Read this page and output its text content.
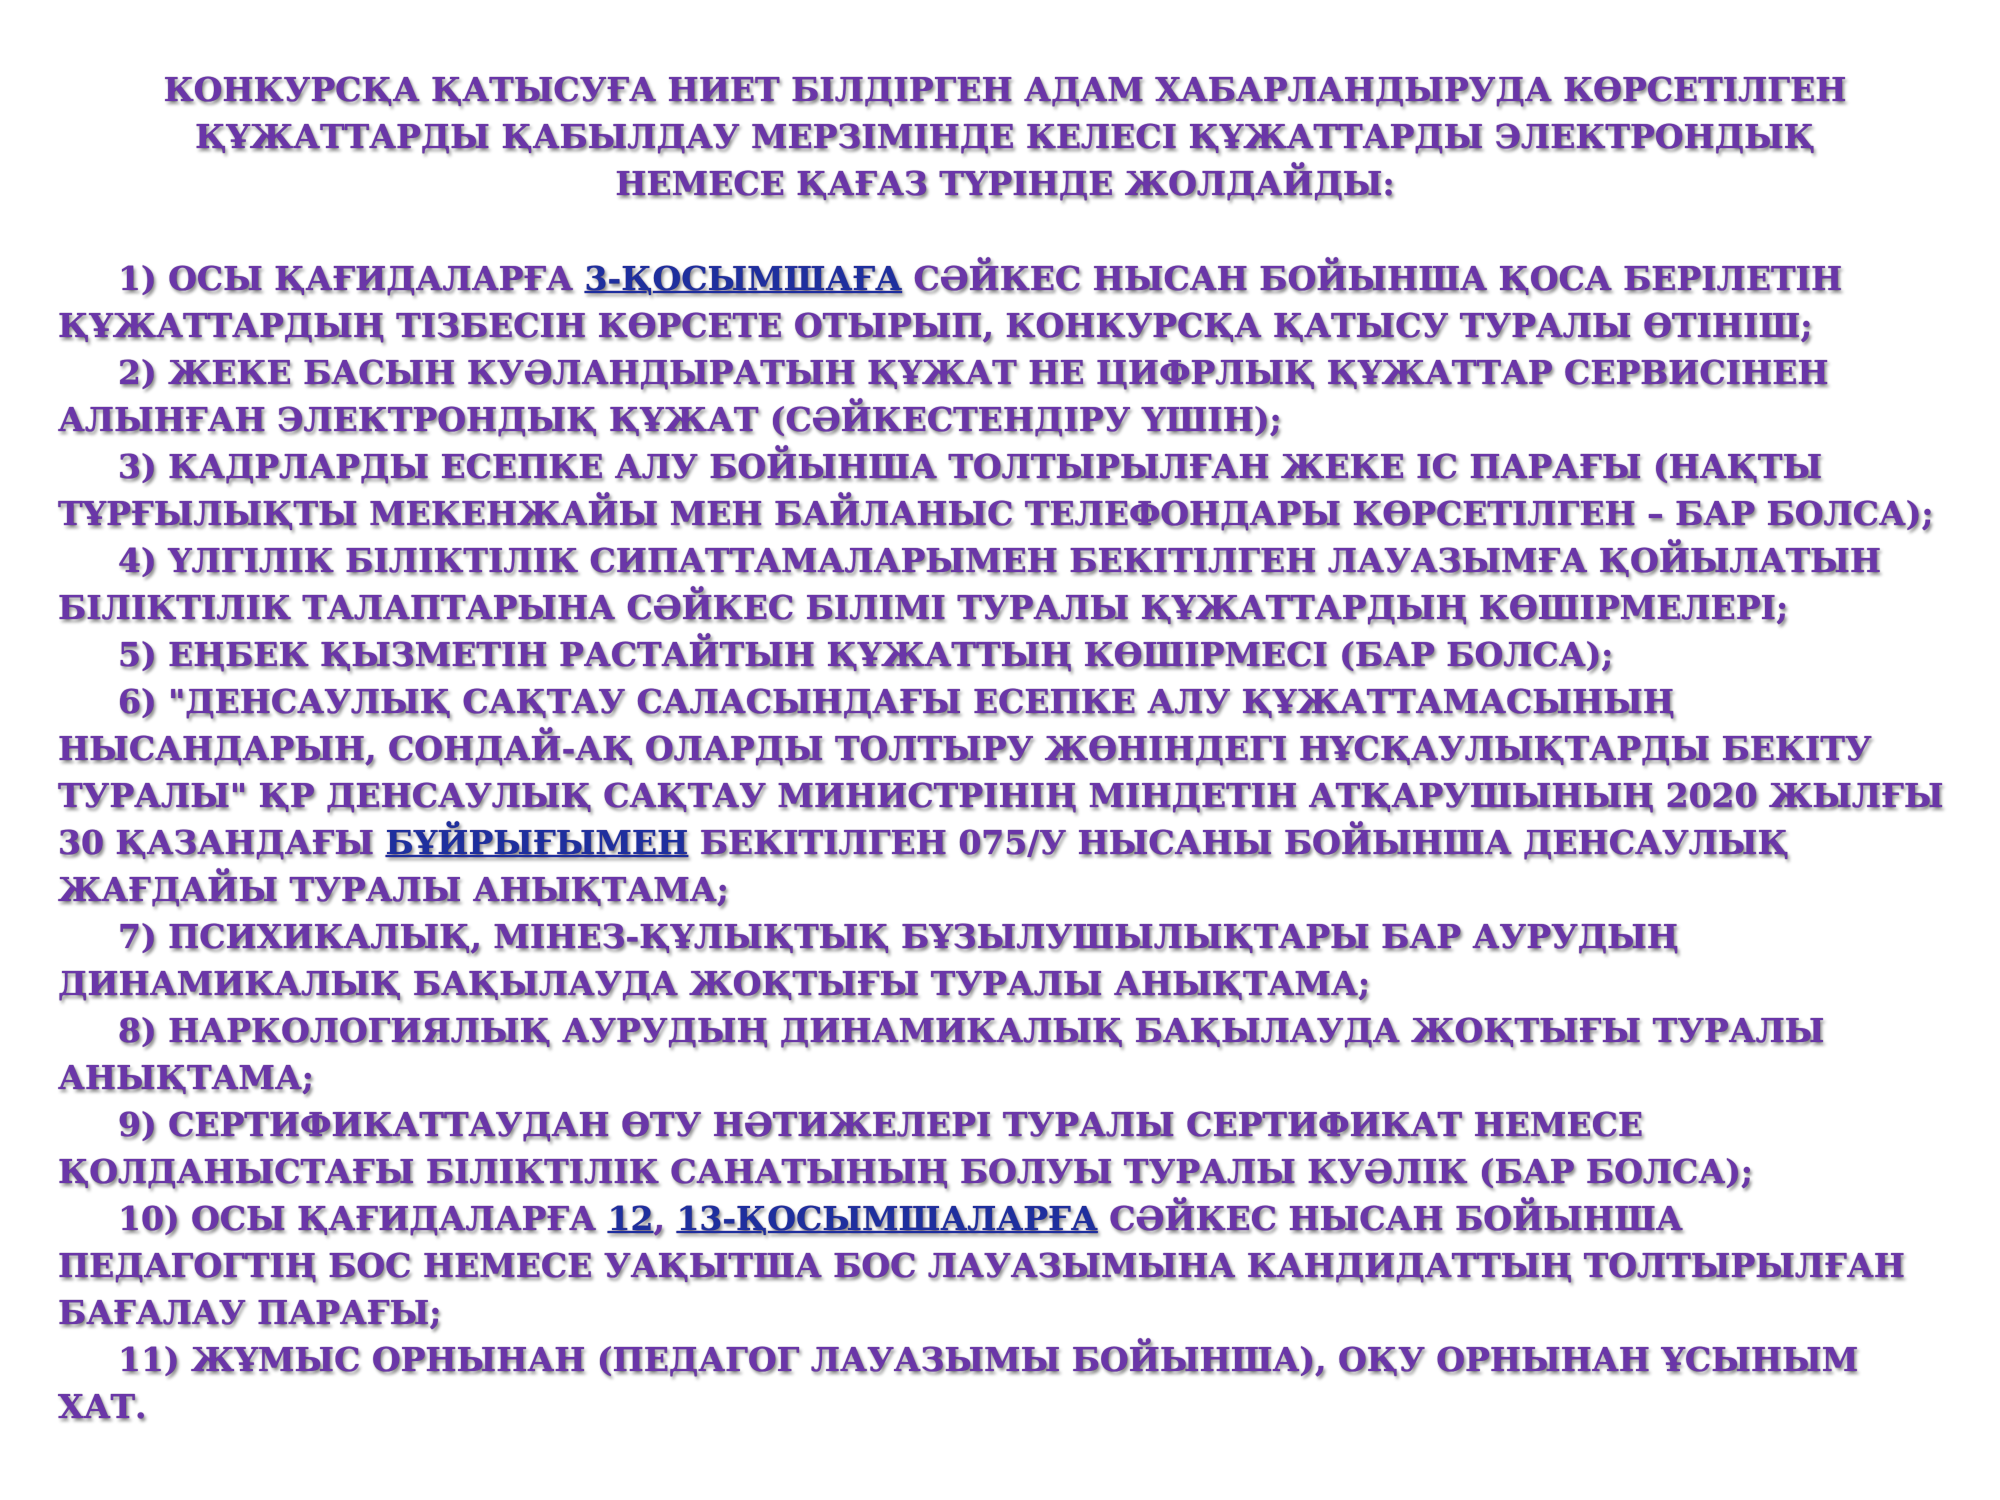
КОНКУРСҚА ҚАТЫСУҒА НИЕТ БІЛДІРГЕН АДАМ ХАБАРЛАНДЫРУДА КӨРСЕТІЛГЕН ҚҰЖАТТАРДЫ ҚАБЫЛДАУ МЕРЗІМІНДЕ КЕЛЕСІ ҚҰЖАТТАРДЫ ЭЛЕКТРОНДЫҚ НЕМЕСЕ ҚАҒАЗ ТҮРІНДЕ ЖОЛДАЙДЫ:

1) ОСЫ ҚАҒИДАЛАРҒА 3-ҚОСЫМШАҒА СӘЙКЕС НЫСАН БОЙЫНША ҚОСА БЕРІЛЕТІН ҚҰЖАТТАРДЫҢ ТІЗБЕСІН КӨРСЕТЕ ОТЫРЫП, КОНКУРСҚА ҚАТЫСУ ТУРАЛЫ ӨТІНІШ;

2) ЖЕКЕ БАСЫН КУӘЛАНДЫРАТЫН ҚҰЖАТ НЕ ЦИФРЛЫҚ ҚҰЖАТТАР СЕРВИСІНЕН АЛЫНҒАН ЭЛЕКТРОНДЫҚ ҚҰЖАТ (СӘЙКЕСТЕНДІРУ ҮШІН);

3) КАДРЛАРДЫ ЕСЕПКЕ АЛУ БОЙЫНША ТОЛТЫРЫЛҒАН ЖЕКЕ ІС ПАРАҒЫ (НАҚТЫ ТҰРҒЫЛЫҚТЫ МЕКЕНЖАЙЫ МЕН БАЙЛАНЫС ТЕЛЕФОНДАРЫ КӨРСЕТІЛГЕН – БАР БОЛСА);

4) ҮЛГІЛІК БІЛІКТІЛІК СИПАТТАМАЛАРЫМЕН БЕКІТІЛГЕН ЛАУАЗЫМҒА ҚОЙЫЛАТЫН БІЛІКТІЛІК ТАЛАПТАРЫНА СӘЙКЕС БІЛІМІ ТУРАЛЫ ҚҰЖАТТАРДЫҢ КӨШІРМЕЛЕРІ;

5) ЕҢБЕК ҚЫЗМЕТІН РАСТАЙТЫН ҚҰЖАТТЫҢ КӨШІРМЕСІ (БАР БОЛСА);

6) "ДЕНСАУЛЫҚ САҚТАУ САЛАСЫНДАҒЫ ЕСЕПКЕ АЛУ ҚҰЖАТТАМАСЫНЫҢ НЫСАНДАРЫН, СОНДАЙ-АҚ ОЛАРДЫ ТОЛТЫРУ ЖӨНІНДЕГІ НҰСҚАУЛЫҚТАРДЫ БЕКІТУ ТУРАЛЫ" ҚР ДЕНСАУЛЫҚ САҚТАУ МИНИСТРІНІҢ МІНДЕТІН АТҚАРУШЫНЫҢ 2020 ЖЫЛҒЫ 30 ҚАЗАНДАҒЫ БҰЙРЫҒЫМЕН БЕКІТІЛГЕН 075/У НЫСАНЫ БОЙЫНША ДЕНСАУЛЫҚ ЖАҒДАЙЫ ТУРАЛЫ АНЫҚТАМА;

7) ПСИХИКАЛЫҚ, МІНЕЗ-ҚҰЛЫҚТЫҚ БҰЗЫЛУШЫЛЫҚТАРЫ БАР АУРУДЫҢ ДИНАМИКАЛЫҚ БАҚЫЛАУДА ЖОҚТЫҒЫ ТУРАЛЫ АНЫҚТАМА;

8) НАРКОЛОГИЯЛЫҚ АУРУДЫҢ ДИНАМИКАЛЫҚ БАҚЫЛАУДА ЖОҚТЫҒЫ ТУРАЛЫ АНЫҚТАМА;

9) СЕРТИФИКАТТАУДАН ӨТУ НӘТИЖЕЛЕРІ ТУРАЛЫ СЕРТИФИКАТ НЕМЕСЕ ҚОЛДАНЫСТАҒЫ БІЛІКТІЛІК САНАТЫНЫҢ БОЛУЫ ТУРАЛЫ КУӘЛІК (БАР БОЛСА);

10) ОСЫ ҚАҒИДАЛАРҒА 12, 13-ҚОСЫМШАЛАРҒА СӘЙКЕС НЫСАН БОЙЫНША ПЕДАГОГТІҢ БОС НЕМЕСЕ УАҚЫТША БОС ЛАУАЗЫМЫНА КАНДИДАТТЫҢ ТОЛТЫРЫЛҒАН БАҒАЛАУ ПАРАҒЫ;

11) ЖҰМЫС ОРНЫНАН (ПЕДАГОГ ЛАУАЗЫМЫ БОЙЫНША), ОҚУ ОРНЫНАН ҰСЫНЫМ ХАТ.
